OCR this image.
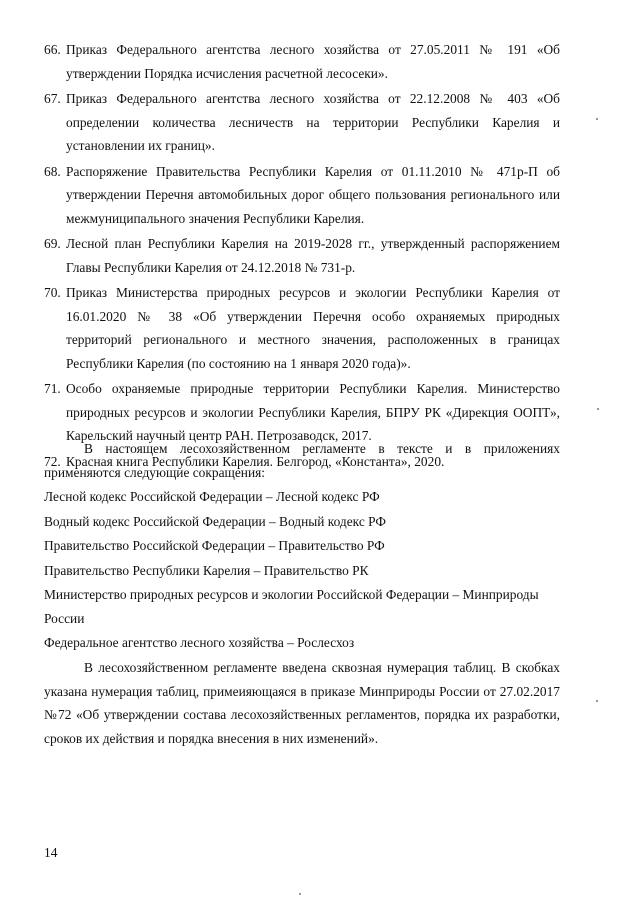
66. Приказ Федерального агентства лесного хозяйства от 27.05.2011 № 191 «Об утверждении Порядка исчисления расчетной лесосеки».
67. Приказ Федерального агентства лесного хозяйства от 22.12.2008 № 403 «Об определении количества лесничеств на территории Республики Карелия и установлении их границ».
68. Распоряжение Правительства Республики Карелия от 01.11.2010 № 471р-П об утверждении Перечня автомобильных дорог общего пользования регионального или межмуниципального значения Республики Карелия.
69. Лесной план Республики Карелия на 2019-2028 гг., утвержденный распоряжением Главы Республики Карелия от 24.12.2018 № 731-р.
70. Приказ Министерства природных ресурсов и экологии Республики Карелия от 16.01.2020 № 38 «Об утверждении Перечня особо охраняемых природных территорий регионального и местного значения, расположенных в границах Республики Карелия (по состоянию на 1 января 2020 года)».
71. Особо охраняемые природные территории Республики Карелия. Министерство природных ресурсов и экологии Республики Карелия, БПРУ РК «Дирекция ООПТ», Карельский научный центр РАН. Петрозаводск, 2017.
72. Красная книга Республики Карелия. Белгород, «Константа», 2020.

В настоящем лесохозяйственном регламенте в тексте и в приложениях применяются следующие сокращения:

Лесной кодекс Российской Федерации – Лесной кодекс РФ

Водный кодекс Российской Федерации – Водный кодекс РФ

Правительство Российской Федерации – Правительство РФ

Правительство Республики Карелия – Правительство РК

Министерство природных ресурсов и экологии Российской Федерации – Минприроды России

Федеральное агентство лесного хозяйства – Рослесхоз

В лесохозяйственном регламенте введена сквозная нумерация таблиц. В скобках указана нумерация таблиц, примеияющаяся в приказе Минприроды России от 27.02.2017 №72 «Об утверждении состава лесохозяйственных регламентов, порядка их разработки, сроков их действия и порядка внесения в них изменений».

14
